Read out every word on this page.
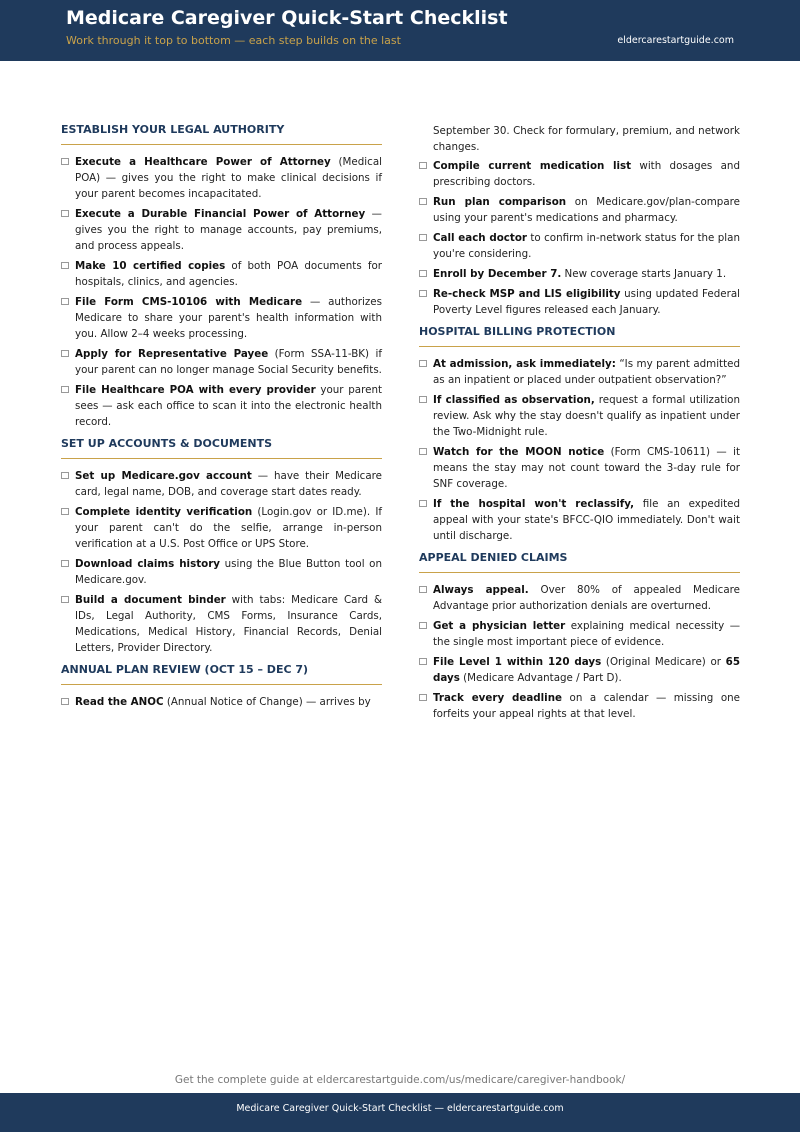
Medicare Caregiver Quick-Start Checklist
Work through it top to bottom — each step builds on the last	eldercarestartguide.com
ESTABLISH YOUR LEGAL AUTHORITY
Execute a Healthcare Power of Attorney (Medical POA) — gives you the right to make clinical decisions if your parent becomes incapacitated.
Execute a Durable Financial Power of Attorney — gives you the right to manage accounts, pay premiums, and process appeals.
Make 10 certified copies of both POA documents for hospitals, clinics, and agencies.
File Form CMS-10106 with Medicare — authorizes Medicare to share your parent's health information with you. Allow 2–4 weeks processing.
Apply for Representative Payee (Form SSA-11-BK) if your parent can no longer manage Social Security benefits.
File Healthcare POA with every provider your parent sees — ask each office to scan it into the electronic health record.
SET UP ACCOUNTS & DOCUMENTS
Set up Medicare.gov account — have their Medicare card, legal name, DOB, and coverage start dates ready.
Complete identity verification (Login.gov or ID.me). If your parent can't do the selfie, arrange in-person verification at a U.S. Post Office or UPS Store.
Download claims history using the Blue Button tool on Medicare.gov.
Build a document binder with tabs: Medicare Card & IDs, Legal Authority, CMS Forms, Insurance Cards, Medications, Medical History, Financial Records, Denial Letters, Provider Directory.
ANNUAL PLAN REVIEW (OCT 15 – DEC 7)
Read the ANOC (Annual Notice of Change) — arrives by
September 30. Check for formulary, premium, and network changes.
Compile current medication list with dosages and prescribing doctors.
Run plan comparison on Medicare.gov/plan-compare using your parent's medications and pharmacy.
Call each doctor to confirm in-network status for the plan you're considering.
Enroll by December 7. New coverage starts January 1.
Re-check MSP and LIS eligibility using updated Federal Poverty Level figures released each January.
HOSPITAL BILLING PROTECTION
At admission, ask immediately: “Is my parent admitted as an inpatient or placed under outpatient observation?”
If classified as observation, request a formal utilization review. Ask why the stay doesn't qualify as inpatient under the Two-Midnight rule.
Watch for the MOON notice (Form CMS-10611) — it means the stay may not count toward the 3-day rule for SNF coverage.
If the hospital won't reclassify, file an expedited appeal with your state's BFCC-QIO immediately. Don't wait until discharge.
APPEAL DENIED CLAIMS
Always appeal. Over 80% of appealed Medicare Advantage prior authorization denials are overturned.
Get a physician letter explaining medical necessity — the single most important piece of evidence.
File Level 1 within 120 days (Original Medicare) or 65 days (Medicare Advantage / Part D).
Track every deadline on a calendar — missing one forfeits your appeal rights at that level.
Get the complete guide at eldercarestartguide.com/us/medicare/caregiver-handbook/
Medicare Caregiver Quick-Start Checklist — eldercarestartguide.com
